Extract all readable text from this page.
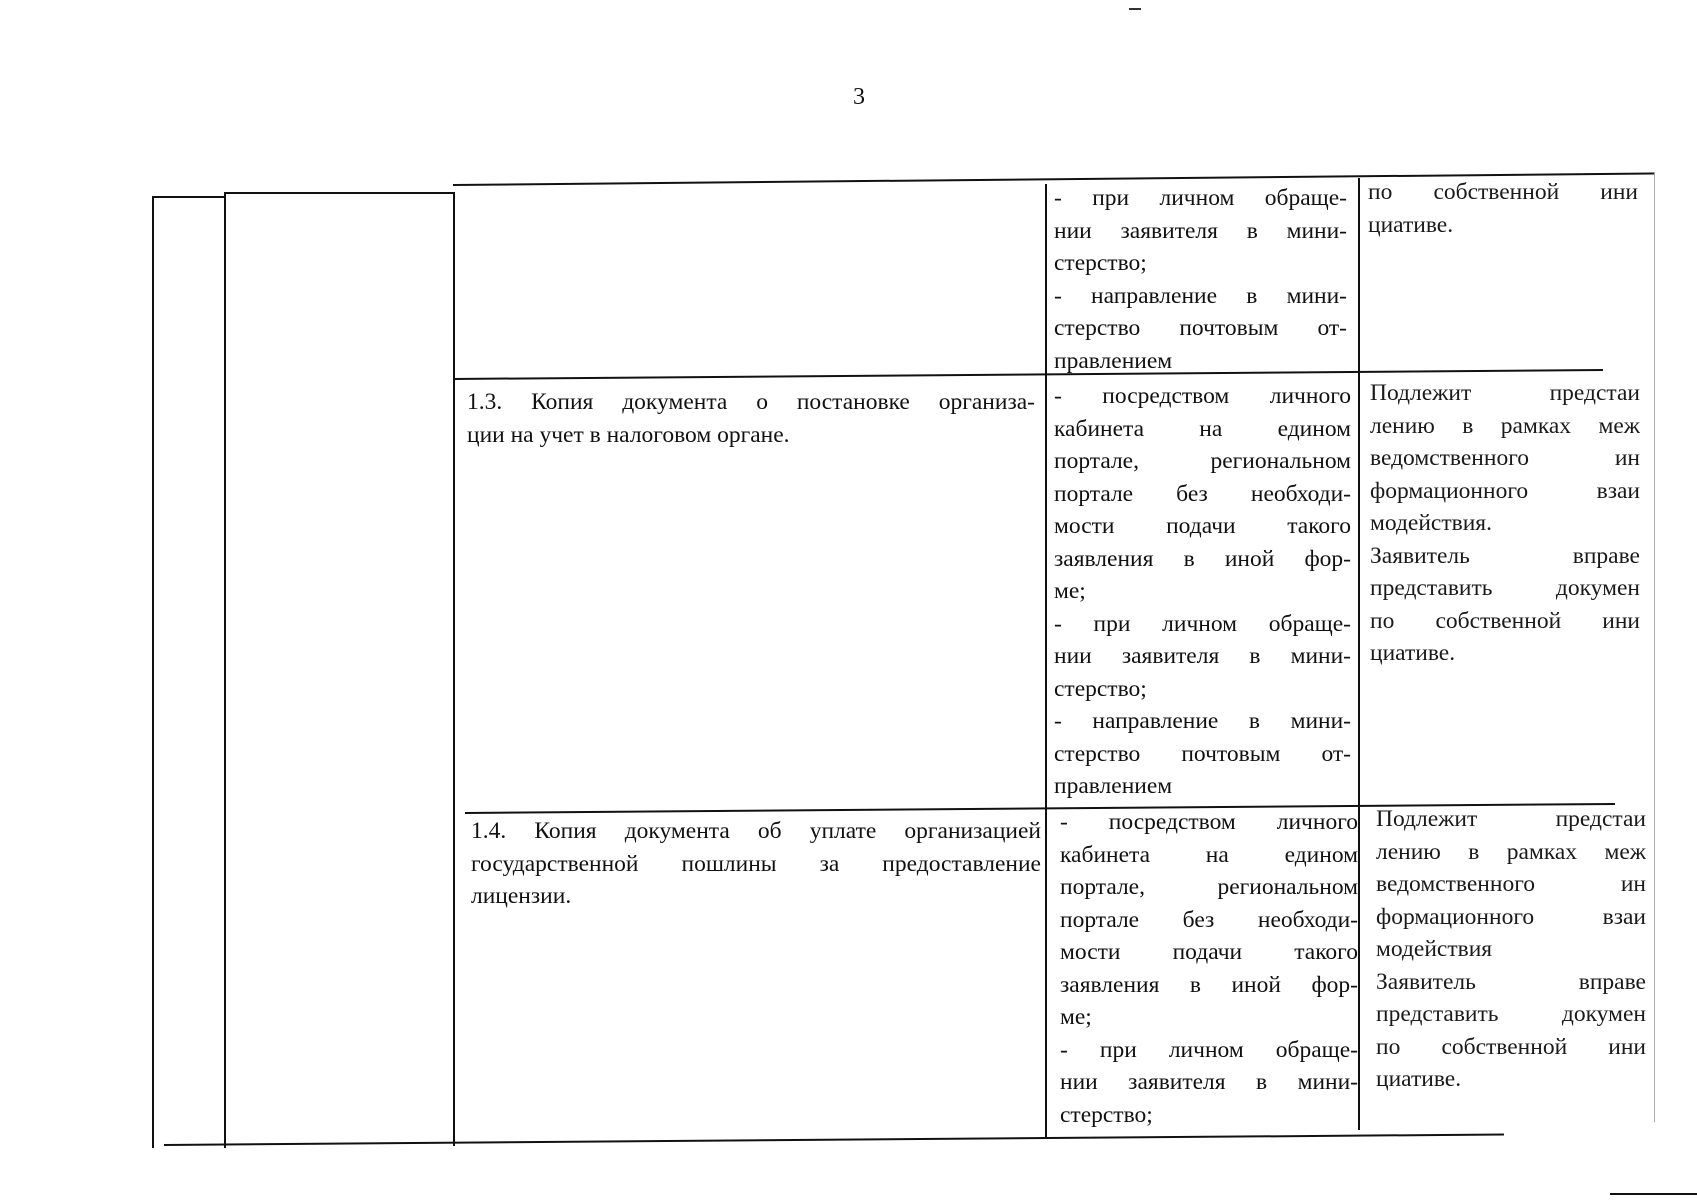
3
- при личном обраще-
нии заявителя в мини-
стерство;
- направление в мини-
стерство почтовым от-
правлением
по собственной ини
циативе.
1.3. Копия документа о постановке организа-
ции на учет в налоговом органе.
- посредством личного
кабинета на едином
портале, региональном
портале без необходи-
мости подачи такого
заявления в иной фор-
ме;
- при личном обраще-
нии заявителя в мини-
стерство;
- направление в мини-
стерство почтовым от-
правлением
Подлежит предстаи
лению в рамках меж
ведомственного ин
формационного взаи
модействия.
Заявитель вправе
представить докумен
по собственной ини
циативе.
1.4. Копия документа об уплате организацией
государственной пошлины за предоставление
лицензии.
- посредством личного
кабинета на едином
портале, региональном
портале без необходи-
мости подачи такого
заявления в иной фор-
ме;
- при личном обраще-
нии заявителя в мини-
стерство;
Подлежит предстаи
лению в рамках меж
ведомственного ин
формационного взаи
модействия
Заявитель вправе
представить докумен
по собственной ини
циативе.
